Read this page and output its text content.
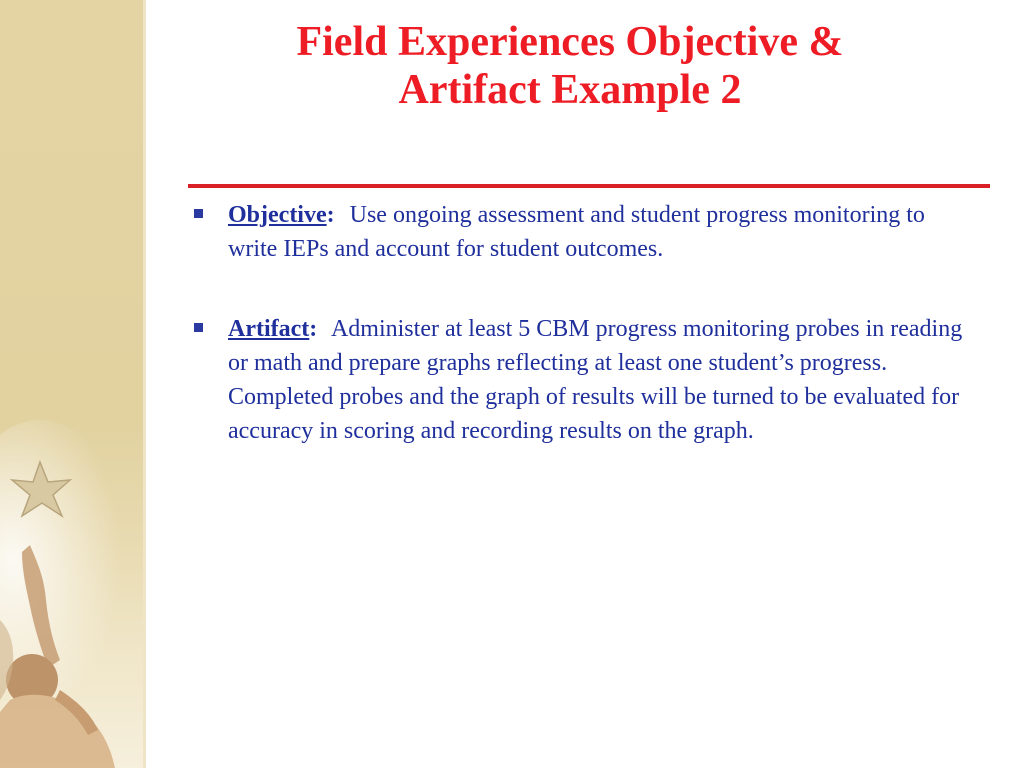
Field Experiences Objective &
Artifact Example 2
Objective: Use ongoing assessment and student progress monitoring to write IEPs and account for student outcomes.
Artifact: Administer at least 5 CBM progress monitoring probes in reading or math and prepare graphs reflecting at least one student’s progress. Completed probes and the graph of results will be turned to be evaluated for accuracy in scoring and recording results on the graph.
